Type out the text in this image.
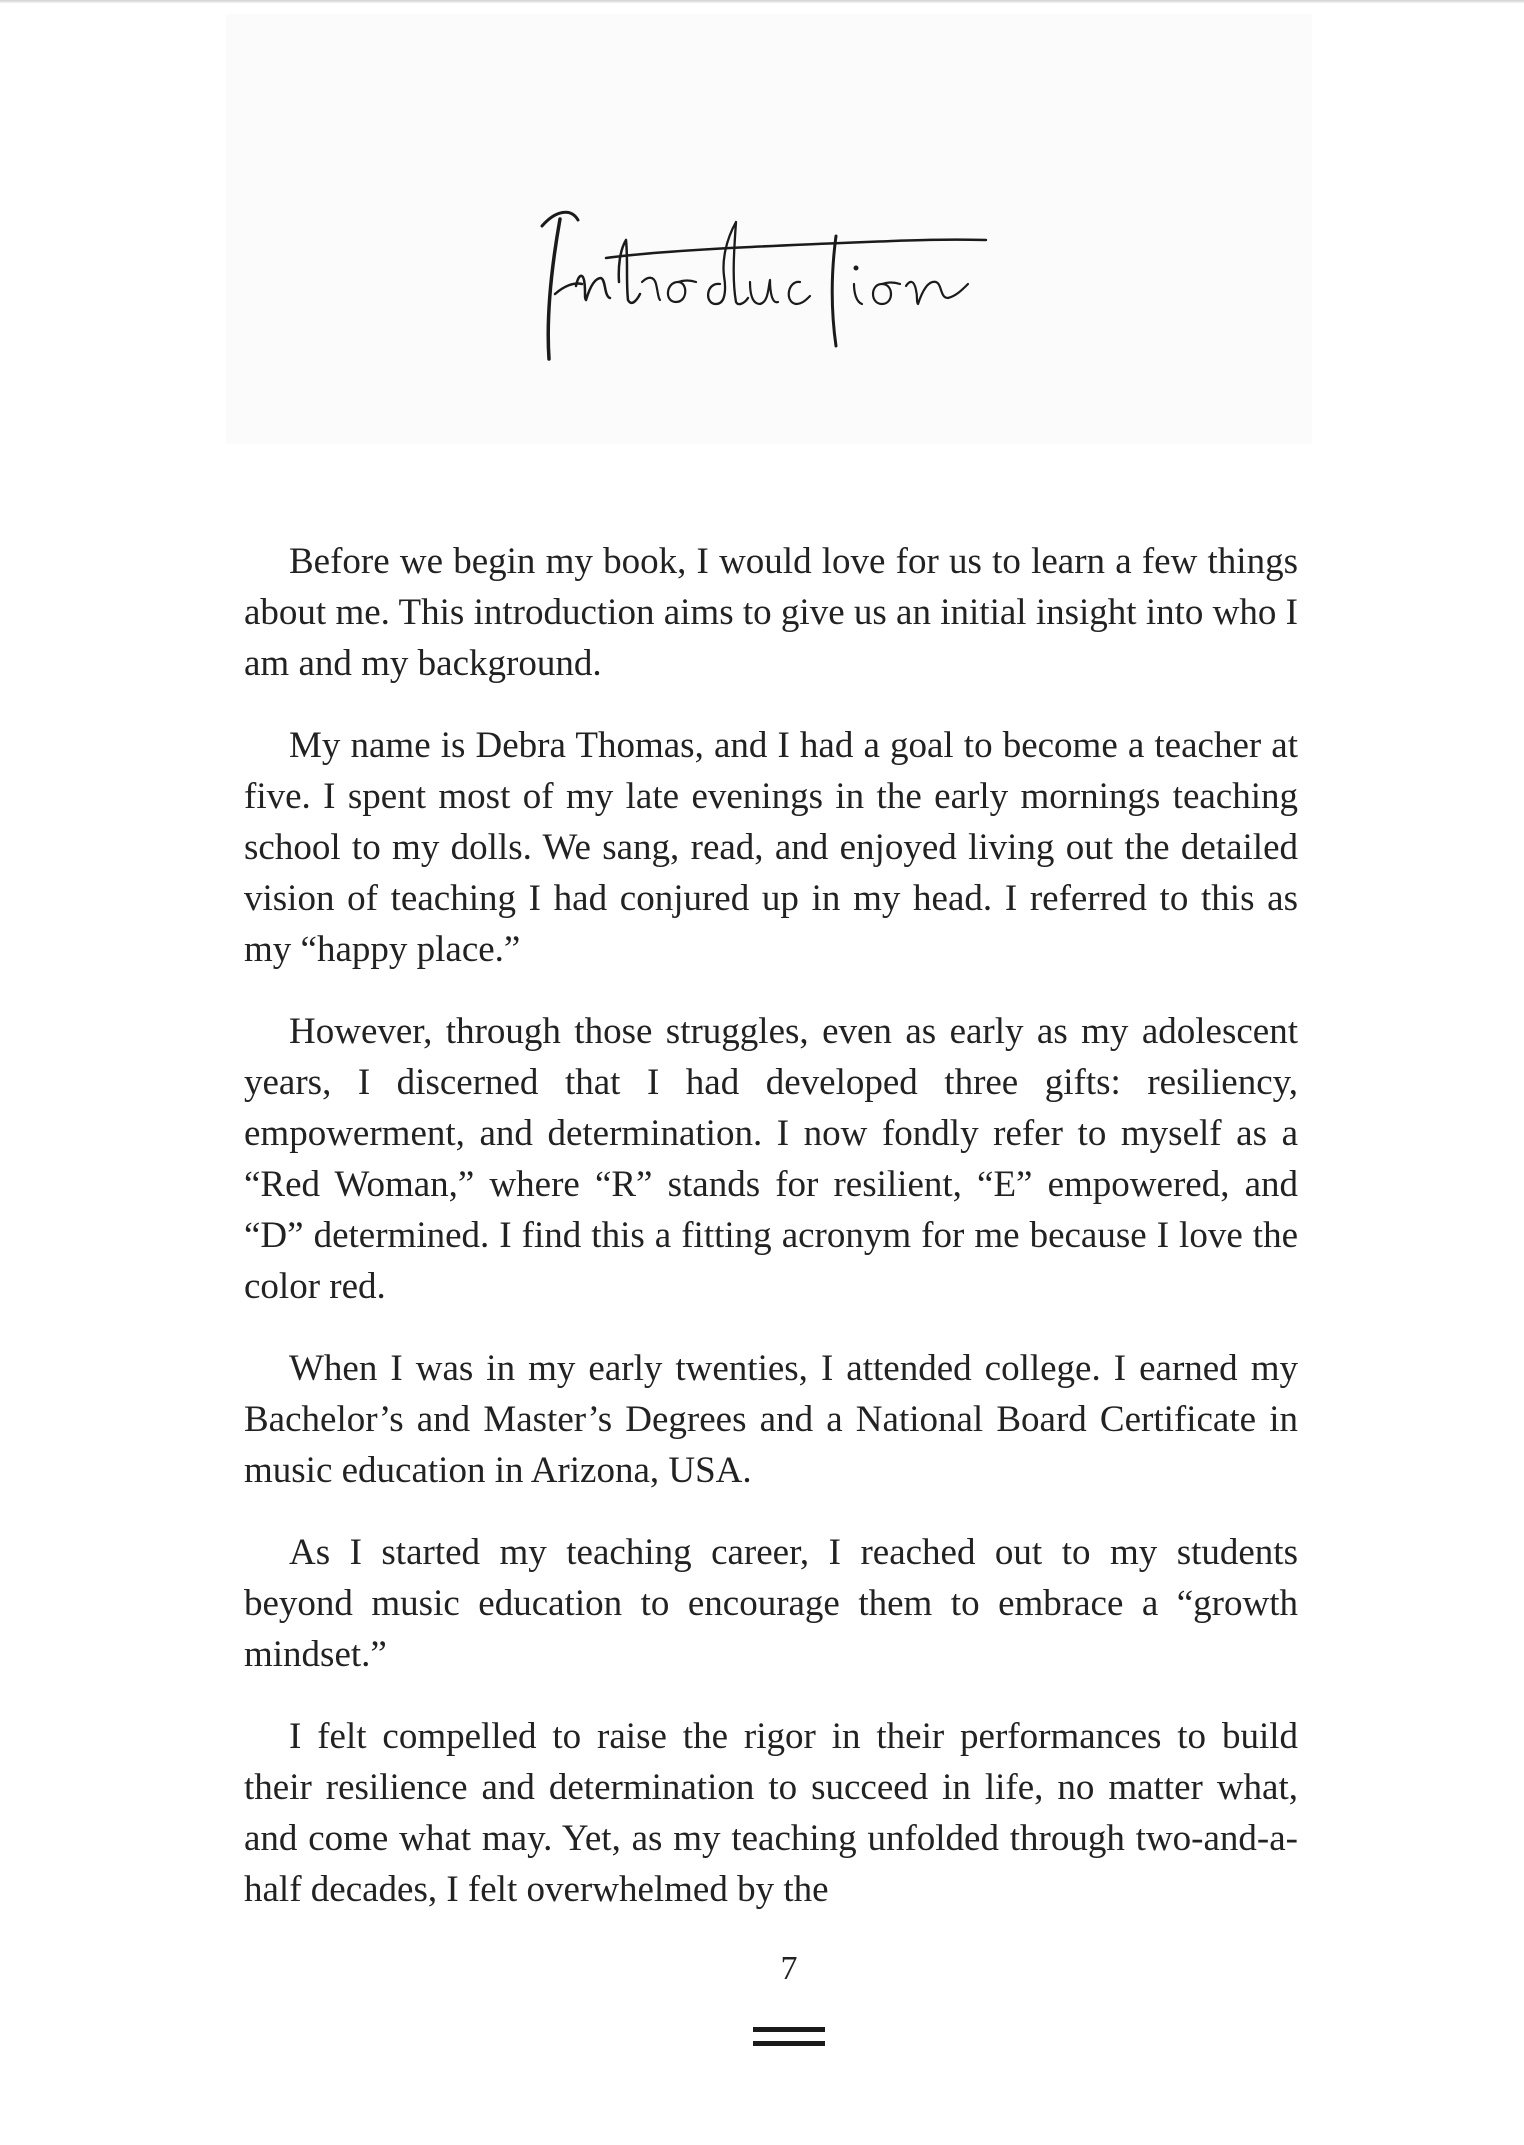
Before we begin my book, I would love for us to learn a few things about me. This introduction aims to give us an initial insight into who I am and my background.

My name is Debra Thomas, and I had a goal to become a teacher at five. I spent most of my late evenings in the early mornings teaching school to my dolls. We sang, read, and enjoyed living out the detailed vision of teaching I had conjured up in my head. I referred to this as my “happy place.”

However, through those struggles, even as early as my adolescent years, I discerned that I had developed three gifts: resiliency, empowerment, and determination. I now fondly refer to myself as a “Red Woman,” where “R” stands for resilient, “E” empowered, and “D” determined. I find this a fitting acronym for me because I love the color red.

When I was in my early twenties, I attended college. I earned my Bachelor’s and Master’s Degrees and a National Board Certificate in music education in Arizona, USA.

As I started my teaching career, I reached out to my students beyond music education to encourage them to embrace a “growth mindset.”

I felt compelled to raise the rigor in their performances to build their resilience and determination to succeed in life, no matter what, and come what may. Yet, as my teaching unfolded through two-and-a-half decades, I felt overwhelmed by the

7
